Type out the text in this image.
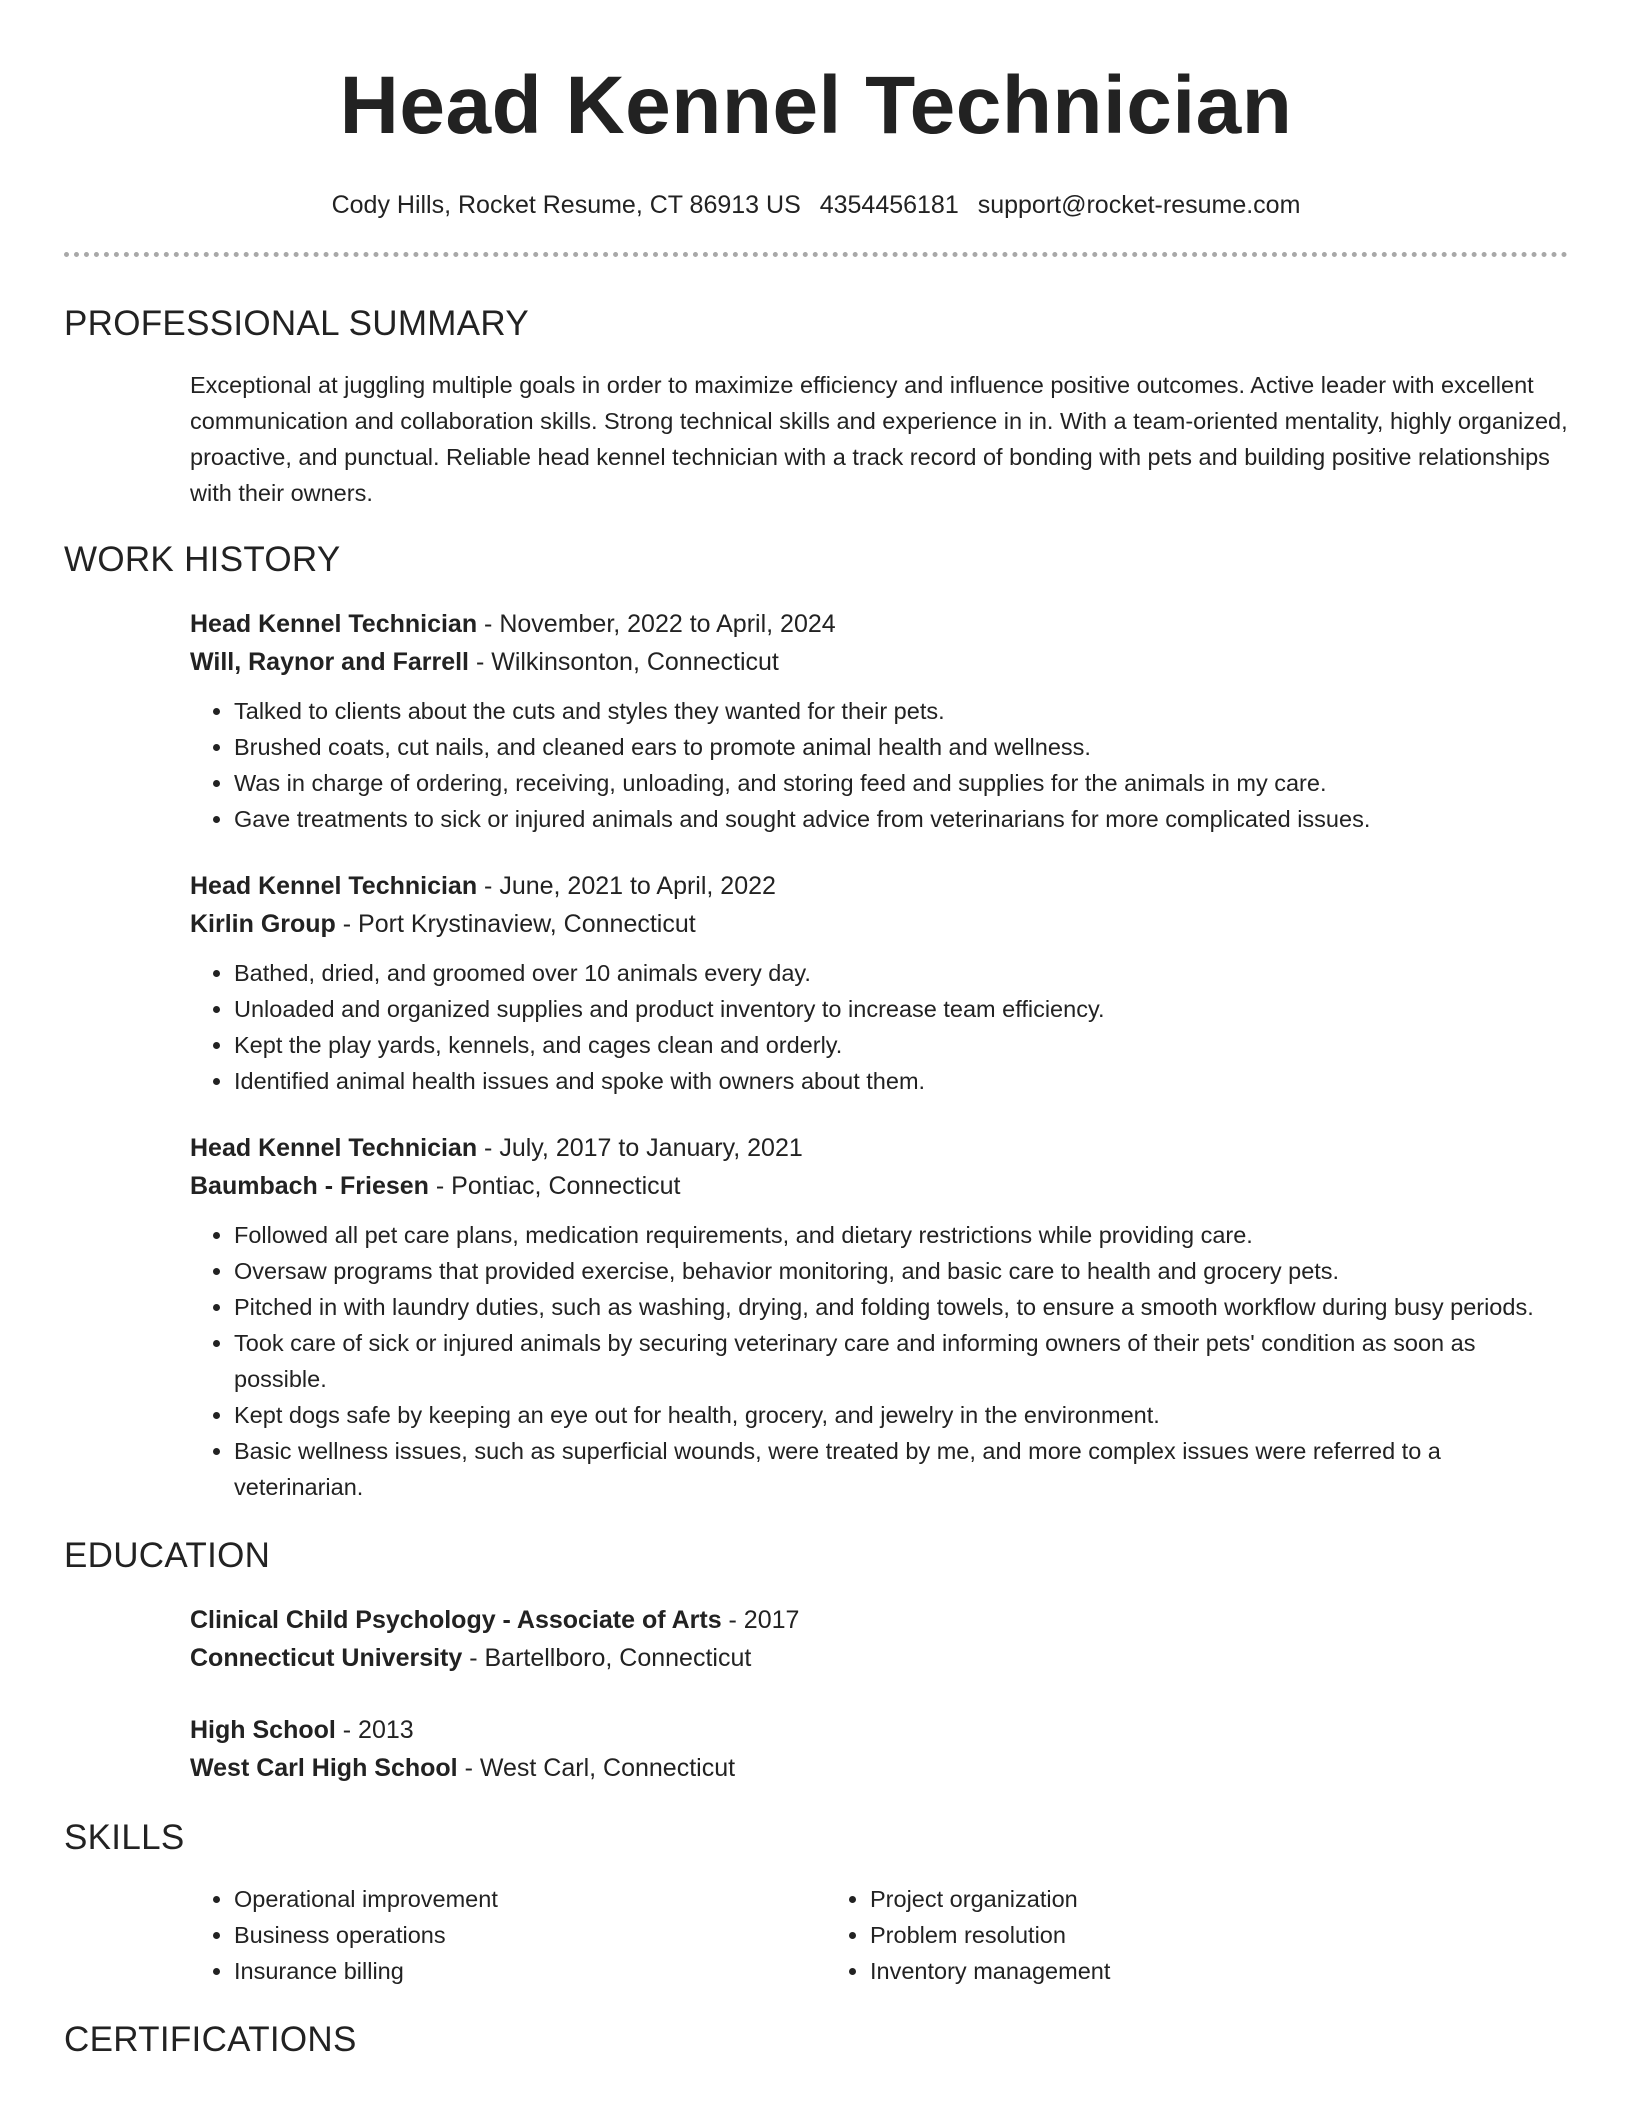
Head Kennel Technician
Cody Hills, Rocket Resume, CT 86913 US 4354456181 support@rocket-resume.com
PROFESSIONAL SUMMARY
Exceptional at juggling multiple goals in order to maximize efficiency and influence positive outcomes. Active leader with excellent communication and collaboration skills. Strong technical skills and experience in in. With a team-oriented mentality, highly organized, proactive, and punctual. Reliable head kennel technician with a track record of bonding with pets and building positive relationships with their owners.
WORK HISTORY
Head Kennel Technician - November, 2022 to April, 2024
Will, Raynor and Farrell - Wilkinsonton, Connecticut
• Talked to clients about the cuts and styles they wanted for their pets.
• Brushed coats, cut nails, and cleaned ears to promote animal health and wellness.
• Was in charge of ordering, receiving, unloading, and storing feed and supplies for the animals in my care.
• Gave treatments to sick or injured animals and sought advice from veterinarians for more complicated issues.
Head Kennel Technician - June, 2021 to April, 2022
Kirlin Group - Port Krystinaview, Connecticut
• Bathed, dried, and groomed over 10 animals every day.
• Unloaded and organized supplies and product inventory to increase team efficiency.
• Kept the play yards, kennels, and cages clean and orderly.
• Identified animal health issues and spoke with owners about them.
Head Kennel Technician - July, 2017 to January, 2021
Baumbach - Friesen - Pontiac, Connecticut
• Followed all pet care plans, medication requirements, and dietary restrictions while providing care.
• Oversaw programs that provided exercise, behavior monitoring, and basic care to health and grocery pets.
• Pitched in with laundry duties, such as washing, drying, and folding towels, to ensure a smooth workflow during busy periods.
• Took care of sick or injured animals by securing veterinary care and informing owners of their pets' condition as soon as possible.
• Kept dogs safe by keeping an eye out for health, grocery, and jewelry in the environment.
• Basic wellness issues, such as superficial wounds, were treated by me, and more complex issues were referred to a veterinarian.
EDUCATION
Clinical Child Psychology - Associate of Arts - 2017
Connecticut University - Bartellboro, Connecticut
High School - 2013
West Carl High School - West Carl, Connecticut
SKILLS
• Operational improvement
• Business operations
• Insurance billing
• Project organization
• Problem resolution
• Inventory management
CERTIFICATIONS
